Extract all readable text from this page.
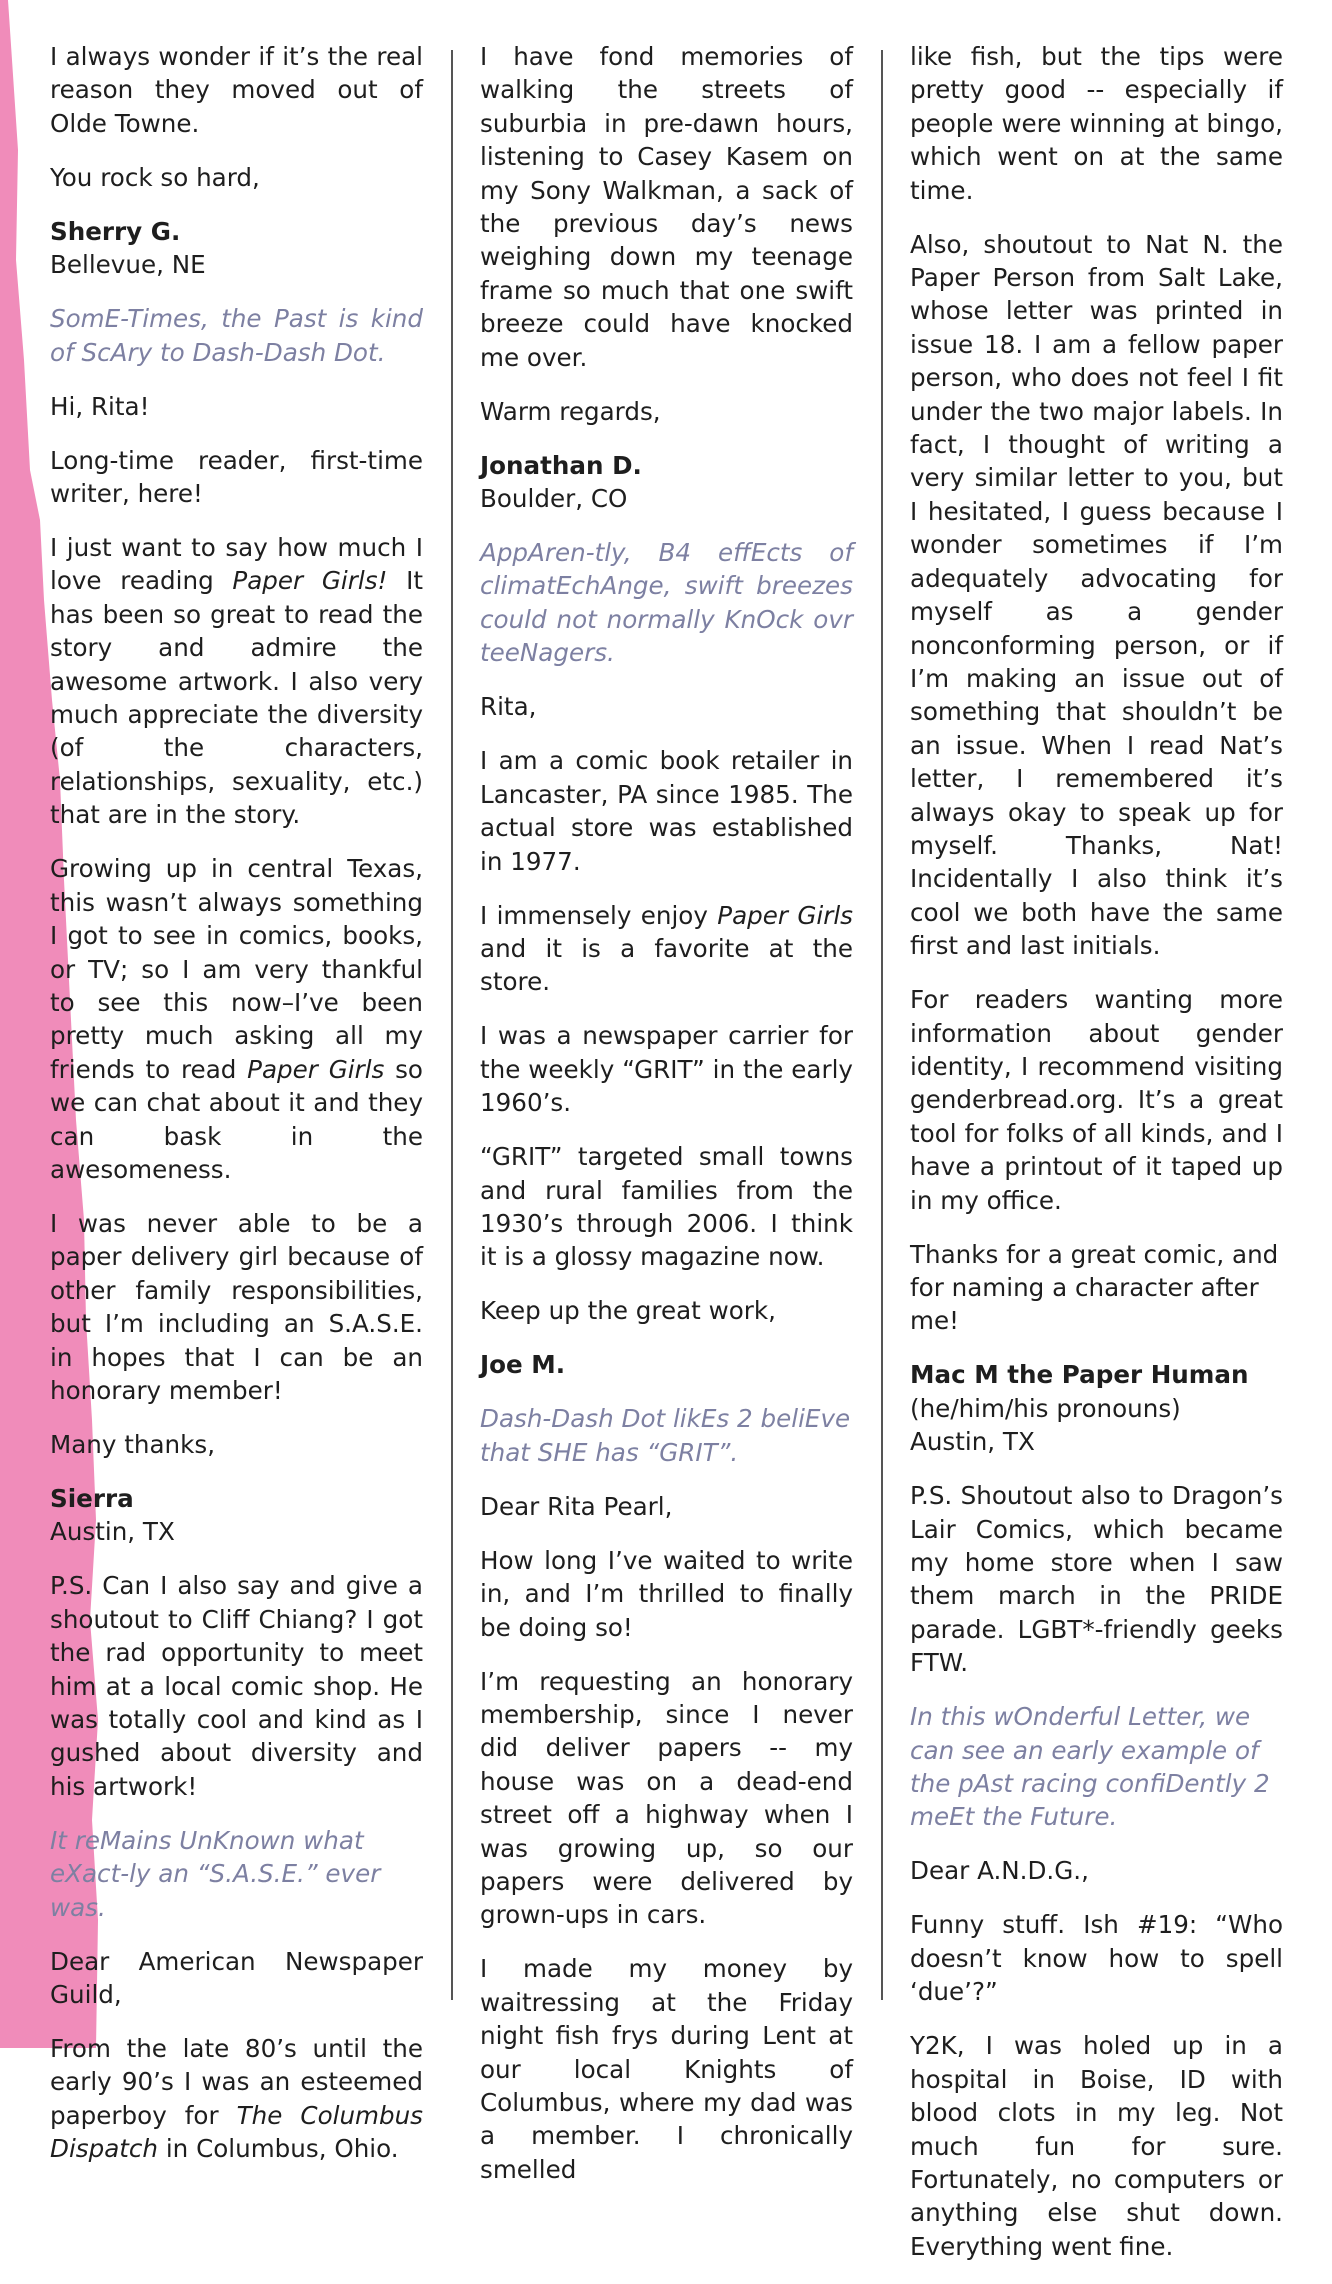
I always wonder if it’s the real reason they moved out of Olde Towne.

You rock so hard,

Sherry G.
Bellevue, NE

SomE-Times, the Past is kind of ScAry to Dash-Dash Dot.

Hi, Rita!

Long-time reader, first-time writer, here!

I just want to say how much I love reading Paper Girls! It has been so great to read the story and admire the awesome artwork. I also very much appreciate the diversity (of the characters, relationships, sexuality, etc.) that are in the story.

Growing up in central Texas, this wasn’t always something I got to see in comics, books, or TV; so I am very thankful to see this now–I’ve been pretty much asking all my friends to read Paper Girls so we can chat about it and they can bask in the awesomeness.

I was never able to be a paper delivery girl because of other family responsibilities, but I’m including an S.A.S.E. in hopes that I can be an honorary member!

Many thanks,

Sierra
Austin, TX

P.S. Can I also say and give a shoutout to Cliff Chiang? I got the rad opportunity to meet him at a local comic shop. He was totally cool and kind as I gushed about diversity and his artwork!

It reMains UnKnown what eXact-ly an “S.A.S.E.” ever was.

Dear American Newspaper Guild,

From the late 80’s until the early 90’s I was an esteemed paperboy for The Columbus Dispatch in Columbus, Ohio.

I have fond memories of walking the streets of suburbia in pre-dawn hours, listening to Casey Kasem on my Sony Walkman, a sack of the previous day’s news weighing down my teenage frame so much that one swift breeze could have knocked me over.

Warm regards,

Jonathan D.
Boulder, CO

AppAren-tly, B4 effEcts of climatEchAnge, swift breezes could not normally KnOck ovr teeNagers.

Rita,

I am a comic book retailer in Lancaster, PA since 1985. The actual store was established in 1977.

I immensely enjoy Paper Girls and it is a favorite at the store.

I was a newspaper carrier for the weekly “GRIT” in the early 1960’s.

“GRIT” targeted small towns and rural families from the 1930’s through 2006. I think it is a glossy magazine now.

Keep up the great work,

Joe M.

Dash-Dash Dot likEs 2 beliEve that SHE has “GRIT”.

Dear Rita Pearl,

How long I’ve waited to write in, and I’m thrilled to finally be doing so!

I’m requesting an honorary membership, since I never did deliver papers -- my house was on a dead-end street off a highway when I was growing up, so our papers were delivered by grown-ups in cars.

I made my money by waitressing at the Friday night fish frys during Lent at our local Knights of Columbus, where my dad was a member. I chronically smelled

like fish, but the tips were pretty good -- especially if people were winning at bingo, which went on at the same time.

Also, shoutout to Nat N. the Paper Person from Salt Lake, whose letter was printed in issue 18. I am a fellow paper person, who does not feel I fit under the two major labels. In fact, I thought of writing a very similar letter to you, but I hesitated, I guess because I wonder sometimes if I’m adequately advocating for myself as a gender nonconforming person, or if I’m making an issue out of something that shouldn’t be an issue. When I read Nat’s letter, I remembered it’s always okay to speak up for myself. Thanks, Nat! Incidentally I also think it’s cool we both have the same first and last initials.

For readers wanting more information about gender identity, I recommend visiting genderbread.org. It’s a great tool for folks of all kinds, and I have a printout of it taped up in my office.

Thanks for a great comic, and for naming a character after me!

Mac M the Paper Human
(he/him/his pronouns)
Austin, TX

P.S. Shoutout also to Dragon’s Lair Comics, which became my home store when I saw them march in the PRIDE parade. LGBT*-friendly geeks FTW.

In this wOnderful Letter, we can see an early example of the pAst racing confiDently 2 meEt the Future.

Dear A.N.D.G.,

Funny stuff. Ish #19: “Who doesn’t know how to spell ‘due’?”

Y2K, I was holed up in a hospital in Boise, ID with blood clots in my leg. Not much fun for sure. Fortunately, no computers or anything else shut down. Everything went fine.
